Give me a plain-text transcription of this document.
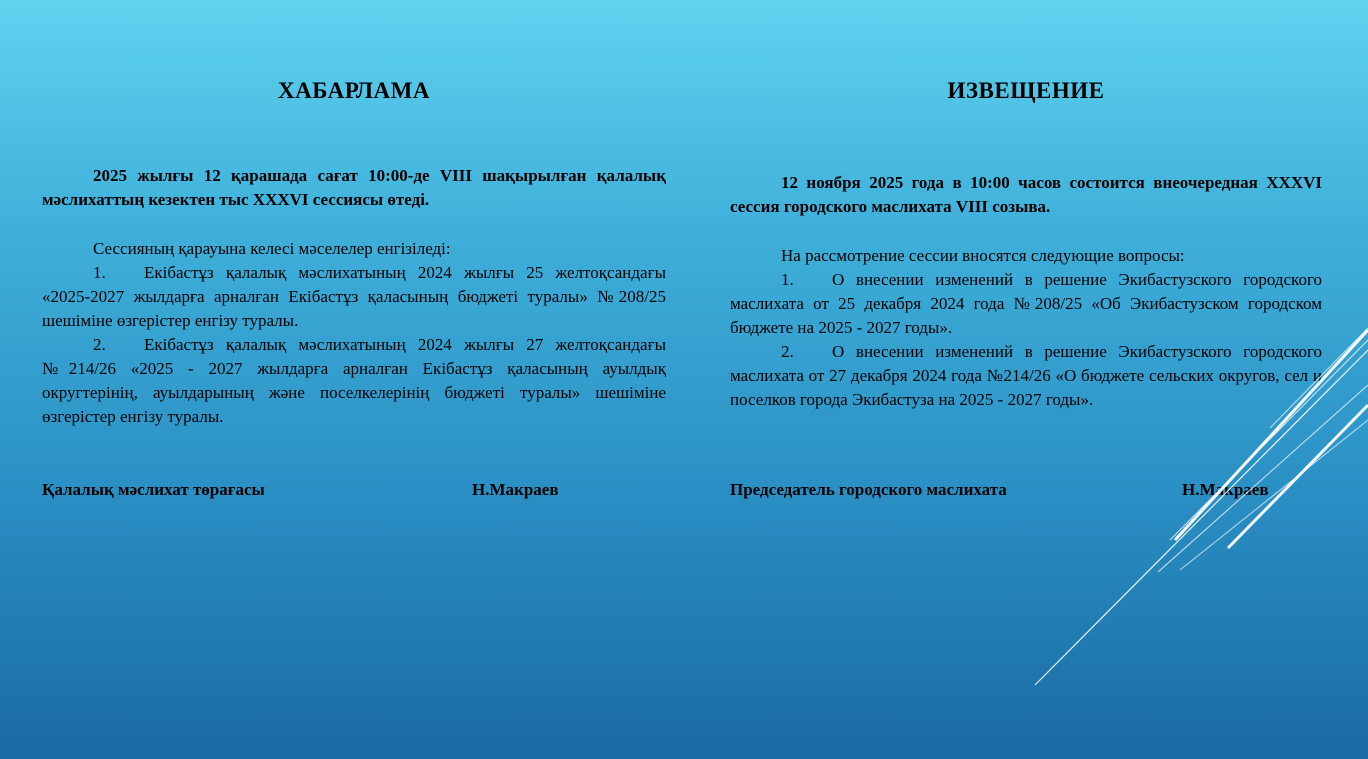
ХАБАРЛАМА
2025 жылғы 12 қарашада сағат 10:00-де VIII шақырылған қалалық мәслихаттың кезектен тыс XXXVI сессиясы өтеді.
Сессияның қарауына келесі мәселелер енгізіледі:
1. Екібастұз қалалық мәслихатының 2024 жылғы 25 желтоқсандағы «2025-2027 жылдарға арналған Екібастұз қаласының бюджеті туралы» №208/25 шешіміне өзгерістер енгізу туралы.
2. Екібастұз қалалық мәслихатының 2024 жылғы 27 желтоқсандағы №214/26 «2025 - 2027 жылдарға арналған Екібастұз қаласының ауылдық округтерінің, ауылдарының және поселкелерінің бюджеті туралы» шешіміне өзгерістер енгізу туралы.
Қалалық мәслихат төрағасы	Н.Макраев
ИЗВЕЩЕНИЕ
12 ноября 2025 года в 10:00 часов состоится внеочередная XXXVI сессия городского маслихата VIII созыва.
На рассмотрение сессии вносятся следующие вопросы:
1. О внесении изменений в решение Экибастузского городского маслихата от 25 декабря 2024 года №208/25 «Об Экибастузском городском бюджете на 2025 - 2027 годы».
2. О внесении изменений в решение Экибастузского городского маслихата от 27 декабря 2024 года №214/26 «О бюджете сельских округов, сел и поселков города Экибастуза на 2025 - 2027 годы».
Председатель городского маслихата	Н.Макраев
